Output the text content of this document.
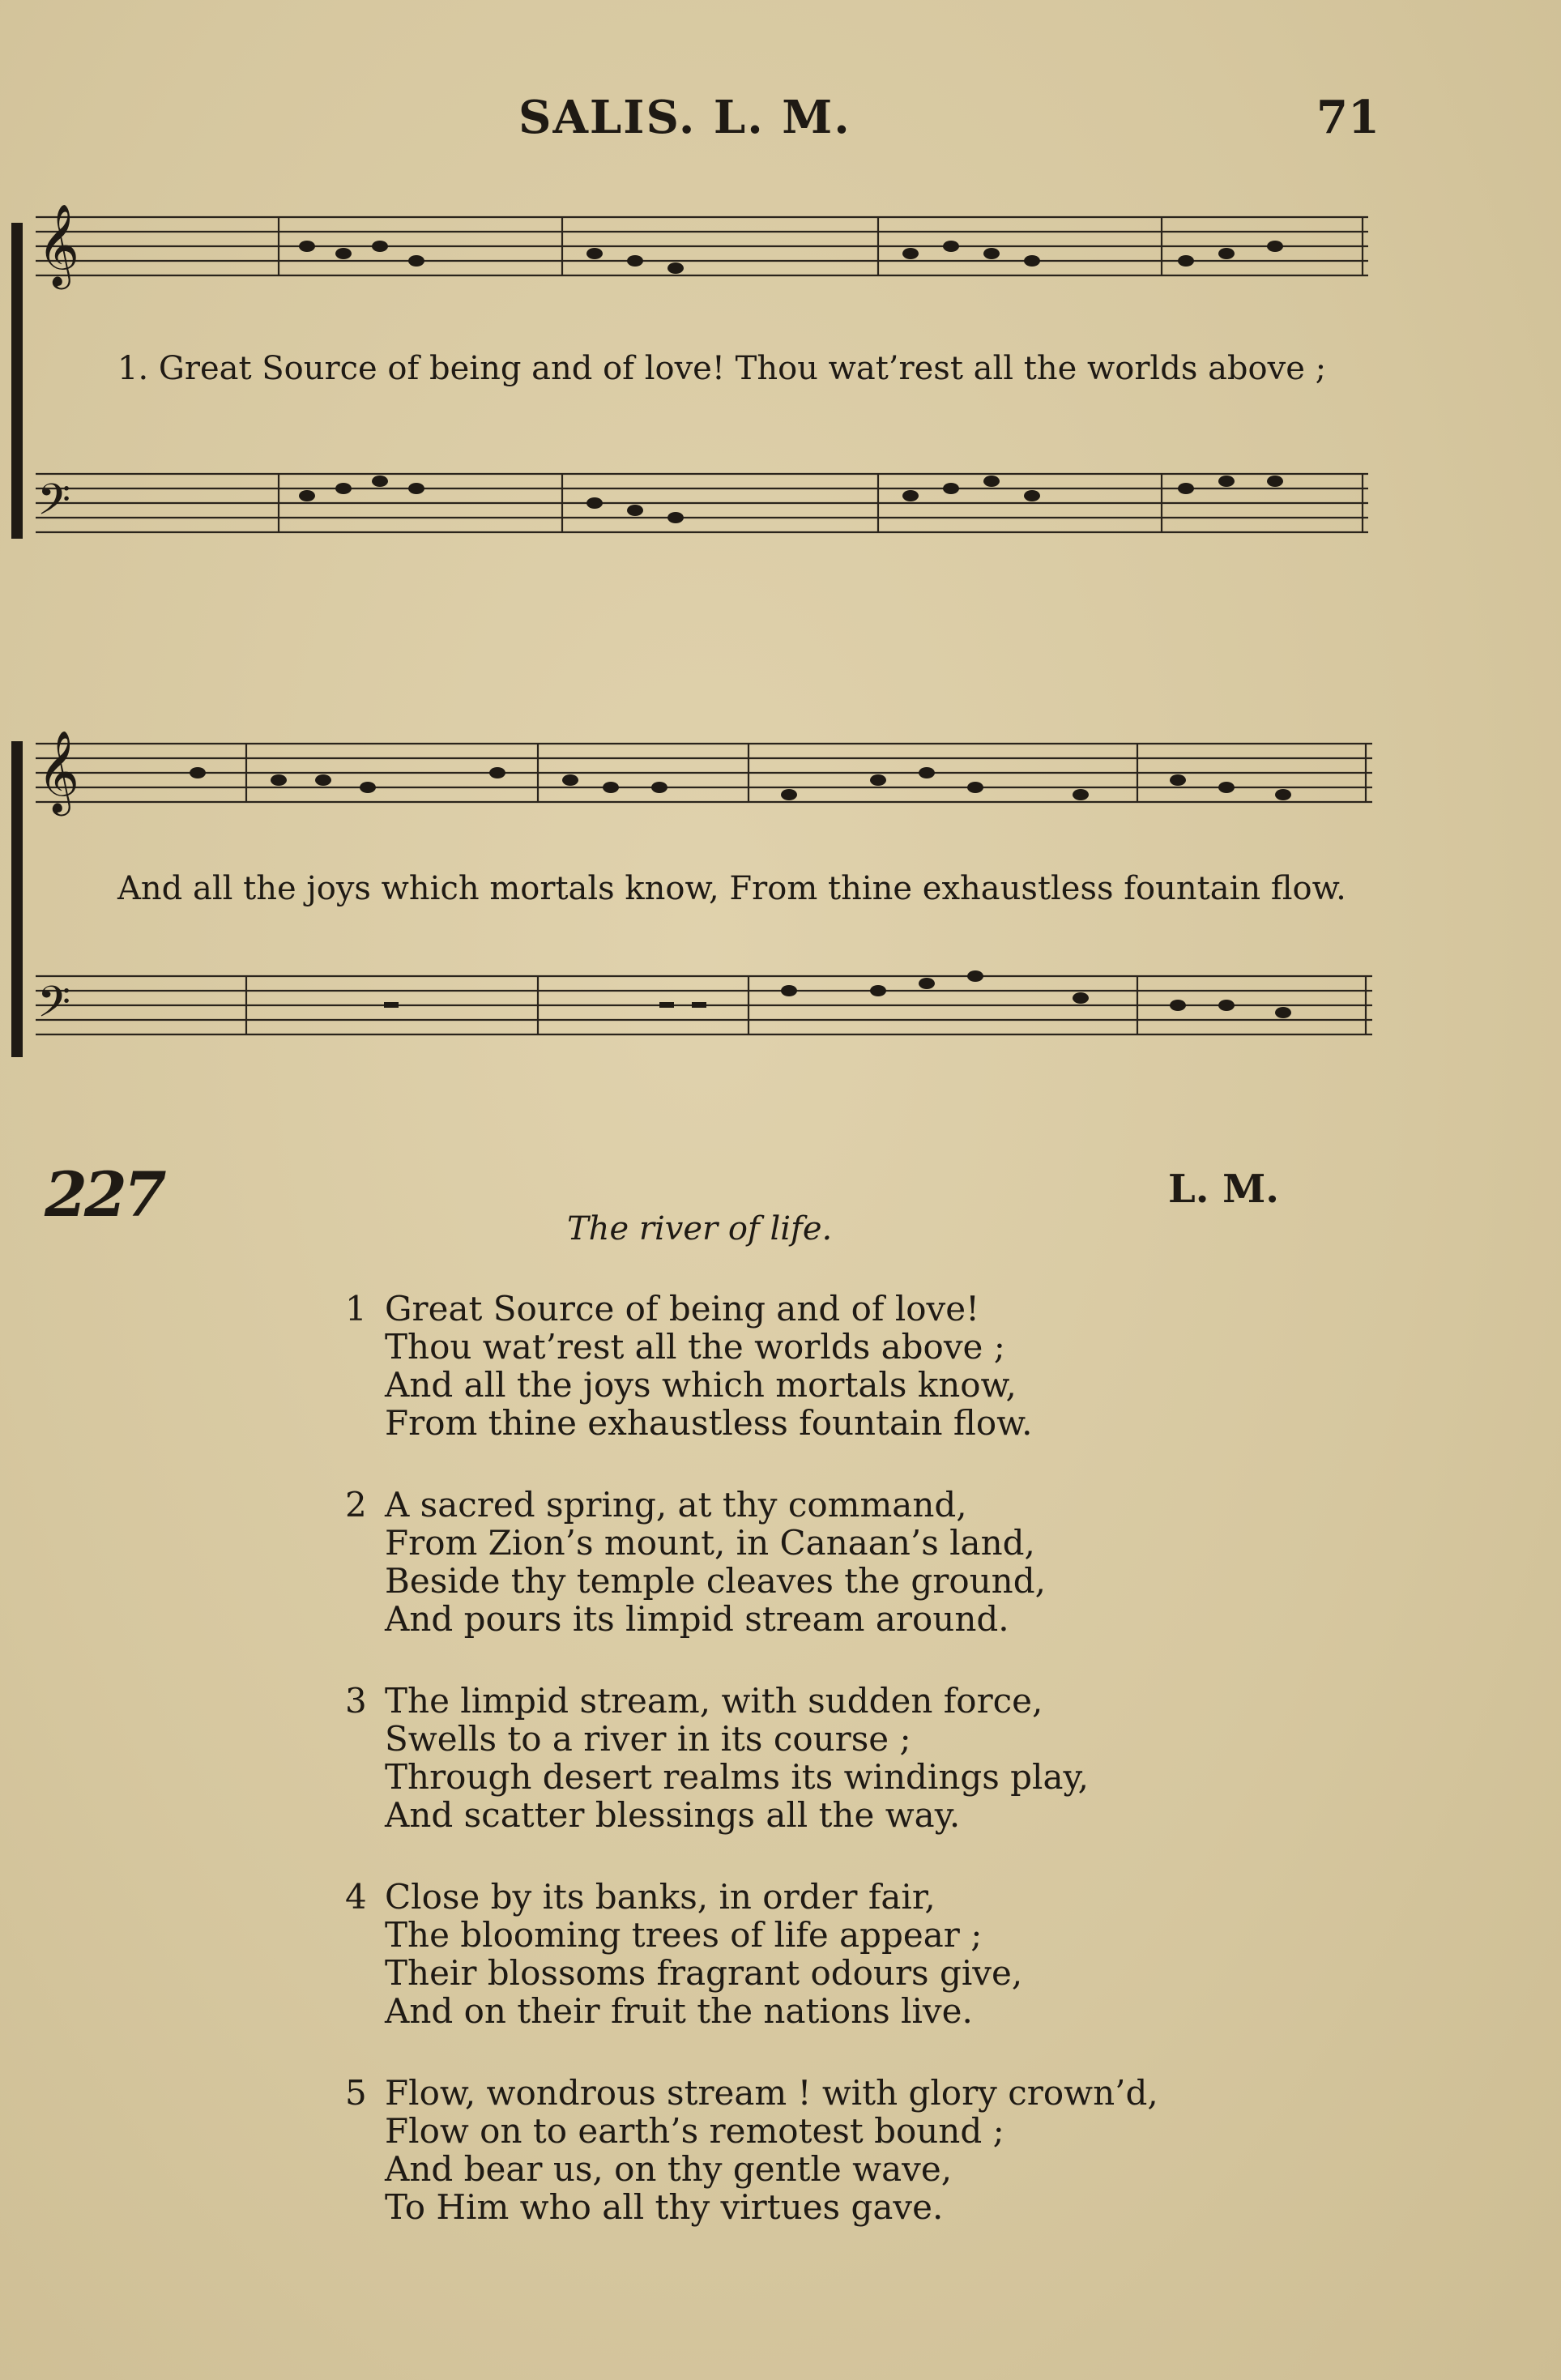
SALIS. L. M.	71
𝄞
𝄢
1. Great Source of being and of love! Thou wat’rest all the worlds above ;
𝄞
𝄢
And all the joys which mortals know, From thine exhaustless fountain flow.
227	L. M.
The river of life.
1 Great Source of being and of love!
Thou wat’rest all the worlds above ;
And all the joys which mortals know,
From thine exhaustless fountain flow.
2 A sacred spring, at thy command,
From Zion’s mount, in Canaan’s land,
Beside thy temple cleaves the ground,
And pours its limpid stream around.
3 The limpid stream, with sudden force,
Swells to a river in its course ;
Through desert realms its windings play,
And scatter blessings all the way.
4 Close by its banks, in order fair,
The blooming trees of life appear ;
Their blossoms fragrant odours give,
And on their fruit the nations live.
5 Flow, wondrous stream ! with glory crown’d,
Flow on to earth’s remotest bound ;
And bear us, on thy gentle wave,
To Him who all thy virtues gave.
